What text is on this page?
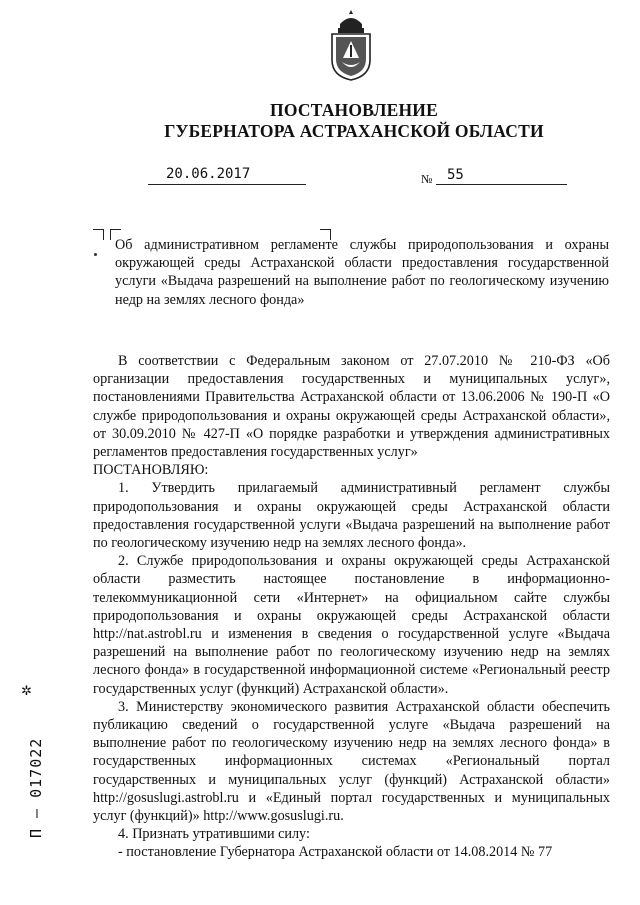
ПОСТАНОВЛЕНИЕ
ГУБЕРНАТОРА АСТРАХАНСКОЙ ОБЛАСТИ
20.06.2017	№ 55

Об административном регламенте службы природопользования и охраны окружающей среды Астраханской области предоставления государственной услуги «Выдача разрешений на выполнение работ по геологическому изучению недр на землях лесного фонда»

В соответствии с Федеральным законом от 27.07.2010 № 210-ФЗ «Об организации предоставления государственных и муниципальных услуг», постановлениями Правительства Астраханской области от 13.06.2006 № 190-П «О службе природопользования и охраны окружающей среды Астраханской области», от 30.09.2010 № 427-П «О порядке разработки и утверждения административных регламентов предоставления государственных услуг»

ПОСТАНОВЛЯЮ:

1. Утвердить прилагаемый административный регламент службы природопользования и охраны окружающей среды Астраханской области предоставления государственной услуги «Выдача разрешений на выполнение работ по геологическому изучению недр на землях лесного фонда».

2. Службе природопользования и охраны окружающей среды Астраханской области разместить настоящее постановление в информационно-телекоммуникационной сети «Интернет» на официальном сайте службы природопользования и охраны окружающей среды Астраханской области http://nat.astrobl.ru и изменения в сведения о государственной услуге «Выдача разрешений на выполнение работ по геологическому изучению недр на землях лесного фонда» в государственной информационной системе «Региональный реестр государственных услуг (функций) Астраханской области».

3. Министерству экономического развития Астраханской области обеспечить публикацию сведений о государственной услуге «Выдача разрешений на выполнение работ по геологическому изучению недр на землях лесного фонда» в государственных информационных системах «Региональный портал государственных и муниципальных услуг (функций) Астраханской области» http://gosuslugi.astrobl.ru и «Единый портал государственных и муниципальных услуг (функций)» http://www.gosuslugi.ru.

4. Признать утратившими силу:

- постановление Губернатора Астраханской области от 14.08.2014 № 77

✲
П – 017022
